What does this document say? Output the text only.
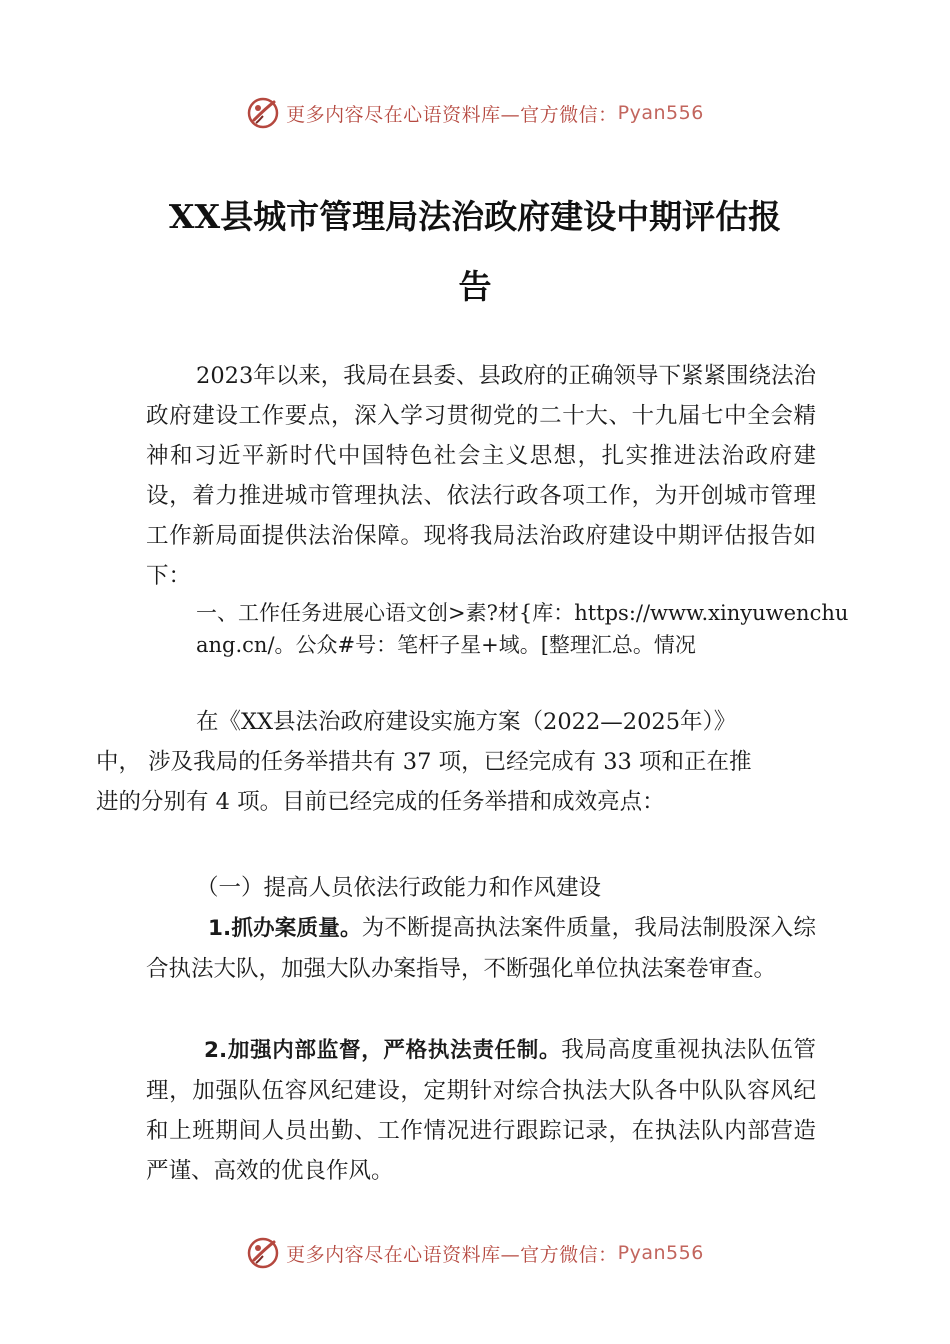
更多内容尽在心语资料库—官方微信： Pyan556
XX县城市管理局法治政府建设中期评估报
告
2023年以来，我局在县委、县政府的正确领导下紧紧围绕法治政府建设工作要点，深入学习贯彻党的二十大、十九届七中全会精神和习近平新时代中国特色社会主义思想，扎实推进法治政府建设，着力推进城市管理执法、依法行政各项工作，为开创城市管理工作新局面提供法治保障。现将我局法治政府建设中期评估报告如下：
一、工作任务进展心语文创>素?材{库：https://www.xinyuwenchuang.cn/。公众#号：笔杆子星+域。[整理汇总。情况
在《XX县法治政府建设实施方案（2022—2025年）》
中， 涉及我局的任务举措共有 37 项，已经完成有 33 项和正在推
进的分别有 4 项。目前已经完成的任务举措和成效亮点：
（一）提高人员依法行政能力和作风建设
1.抓办案质量。为不断提高执法案件质量，我局法制股深入综合执法大队，加强大队办案指导，不断强化单位执法案卷审查。
2.加强内部监督，严格执法责任制。我局高度重视执法队伍管理，加强队伍容风纪建设，定期针对综合执法大队各中队队容风纪和上班期间人员出勤、工作情况进行跟踪记录，在执法队内部营造严谨、高效的优良作风。
更多内容尽在心语资料库—官方微信： Pyan556
